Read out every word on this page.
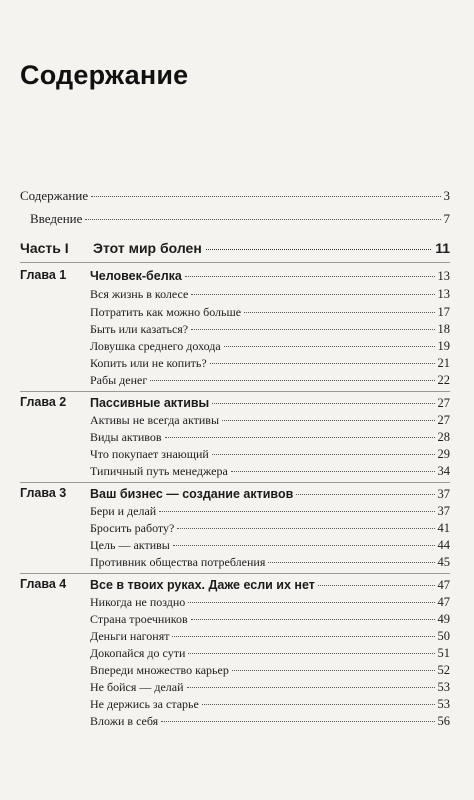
Содержание
Содержание	3
Введение	7
Часть I	Этот мир болен	11
Глава 1	Человек-белка	13
Вся жизнь в колесе	13
Потратить как можно больше	17
Быть или казаться?	18
Ловушка среднего дохода	19
Копить или не копить?	21
Рабы денег	22
Глава 2	Пассивные активы	27
Активы не всегда активы	27
Виды активов	28
Что покупает знающий	29
Типичный путь менеджера	34
Глава 3	Ваш бизнес — создание активов	37
Бери и делай	37
Бросить работу?	41
Цель — активы	44
Противник общества потребления	45
Глава 4	Все в твоих руках. Даже если их нет	47
Никогда не поздно	47
Страна троечников	49
Деньги нагонят	50
Докопайся до сути	51
Впереди множество карьер	52
Не бойся — делай	53
Не держись за старье	53
Вложи в себя	56
